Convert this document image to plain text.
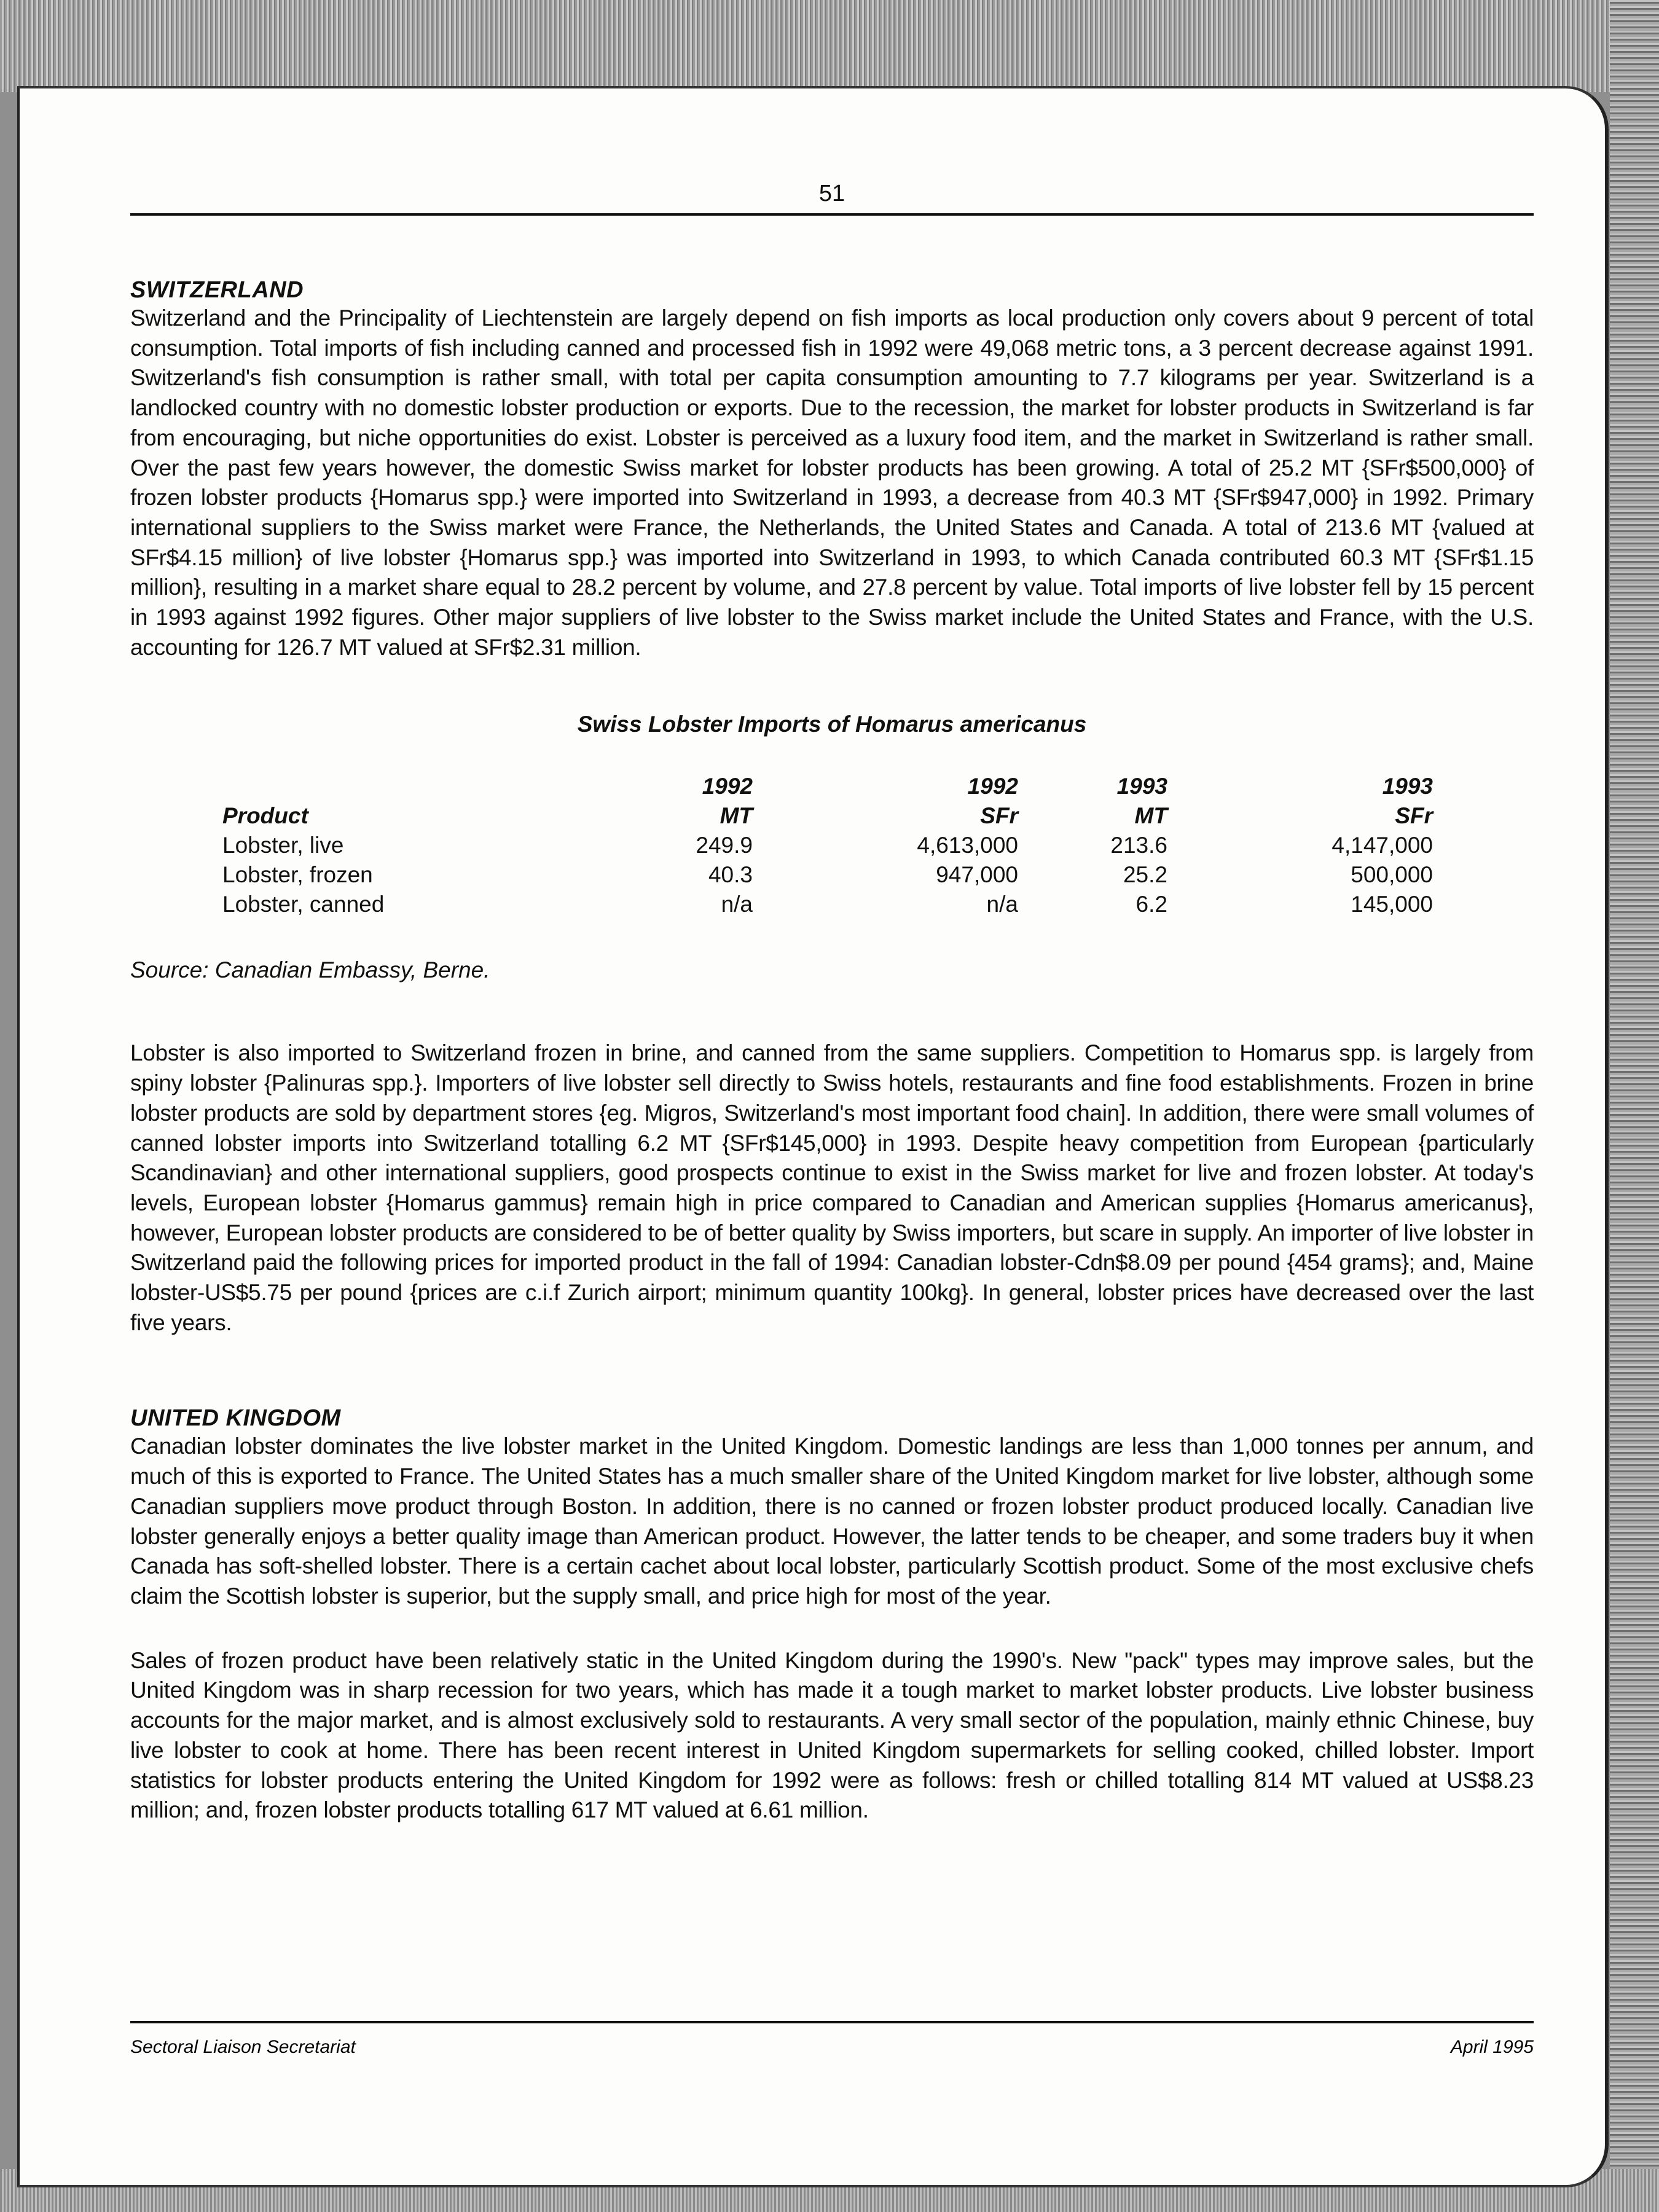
51
SWITZERLAND

Switzerland and the Principality of Liechtenstein are largely depend on fish imports as local production only covers about 9 percent of total consumption. Total imports of fish including canned and processed fish in 1992 were 49,068 metric tons, a 3 percent decrease against 1991. Switzerland's fish consumption is rather small, with total per capita consumption amounting to 7.7 kilograms per year. Switzerland is a landlocked country with no domestic lobster production or exports. Due to the recession, the market for lobster products in Switzerland is far from encouraging, but niche opportunities do exist. Lobster is perceived as a luxury food item, and the market in Switzerland is rather small. Over the past few years however, the domestic Swiss market for lobster products has been growing. A total of 25.2 MT {SFr$500,000} of frozen lobster products {Homarus spp.} were imported into Switzerland in 1993, a decrease from 40.3 MT {SFr$947,000} in 1992. Primary international suppliers to the Swiss market were France, the Netherlands, the United States and Canada. A total of 213.6 MT {valued at SFr$4.15 million} of live lobster {Homarus spp.} was imported into Switzerland in 1993, to which Canada contributed 60.3 MT {SFr$1.15 million}, resulting in a market share equal to 28.2 percent by volume, and 27.8 percent by value. Total imports of live lobster fell by 15 percent in 1993 against 1992 figures. Other major suppliers of live lobster to the Swiss market include the United States and France, with the U.S. accounting for 126.7 MT valued at SFr$2.31 million.

Swiss Lobster Imports of Homarus americanus
	1992	1992	1993	1993
Product	MT	SFr	MT	SFr
Lobster, live	249.9	4,613,000	213.6	4,147,000
Lobster, frozen	40.3	947,000	25.2	500,000
Lobster, canned	n/a	n/a	6.2	145,000
Source: Canadian Embassy, Berne.

Lobster is also imported to Switzerland frozen in brine, and canned from the same suppliers. Competition to Homarus spp. is largely from spiny lobster {Palinuras spp.}. Importers of live lobster sell directly to Swiss hotels, restaurants and fine food establishments. Frozen in brine lobster products are sold by department stores {eg. Migros, Switzerland's most important food chain]. In addition, there were small volumes of canned lobster imports into Switzerland totalling 6.2 MT {SFr$145,000} in 1993. Despite heavy competition from European {particularly Scandinavian} and other international suppliers, good prospects continue to exist in the Swiss market for live and frozen lobster. At today's levels, European lobster {Homarus gammus} remain high in price compared to Canadian and American supplies {Homarus americanus}, however, European lobster products are considered to be of better quality by Swiss importers, but scare in supply. An importer of live lobster in Switzerland paid the following prices for imported product in the fall of 1994: Canadian lobster-Cdn$8.09 per pound {454 grams}; and, Maine lobster-US$5.75 per pound {prices are c.i.f Zurich airport; minimum quantity 100kg}. In general, lobster prices have decreased over the last five years.

UNITED KINGDOM

Canadian lobster dominates the live lobster market in the United Kingdom. Domestic landings are less than 1,000 tonnes per annum, and much of this is exported to France. The United States has a much smaller share of the United Kingdom market for live lobster, although some Canadian suppliers move product through Boston. In addition, there is no canned or frozen lobster product produced locally. Canadian live lobster generally enjoys a better quality image than American product. However, the latter tends to be cheaper, and some traders buy it when Canada has soft-shelled lobster. There is a certain cachet about local lobster, particularly Scottish product. Some of the most exclusive chefs claim the Scottish lobster is superior, but the supply small, and price high for most of the year.

Sales of frozen product have been relatively static in the United Kingdom during the 1990's. New "pack" types may improve sales, but the United Kingdom was in sharp recession for two years, which has made it a tough market to market lobster products. Live lobster business accounts for the major market, and is almost exclusively sold to restaurants. A very small sector of the population, mainly ethnic Chinese, buy live lobster to cook at home. There has been recent interest in United Kingdom supermarkets for selling cooked, chilled lobster. Import statistics for lobster products entering the United Kingdom for 1992 were as follows: fresh or chilled totalling 814 MT valued at US$8.23 million; and, frozen lobster products totalling 617 MT valued at 6.61 million.

Sectoral Liaison Secretariat	April 1995
